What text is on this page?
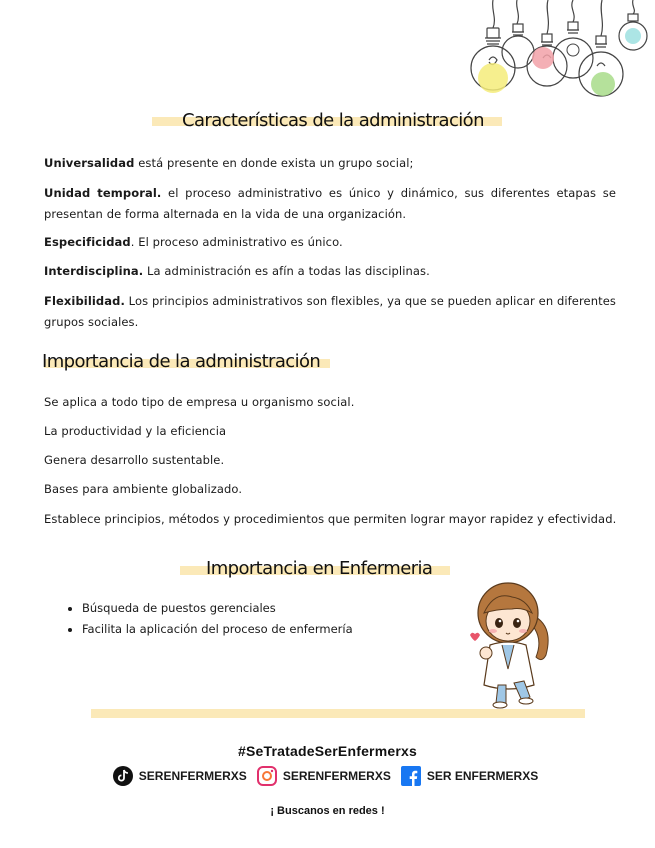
Características de la administración
Universalidad está presente en donde exista un grupo social;
Unidad temporal. el proceso administrativo es único y dinámico, sus diferentes etapas se presentan de forma alternada en la vida de una organización.
Especificidad. El proceso administrativo es único.
Interdisciplina. La administración es afín a todas las disciplinas.
Flexibilidad. Los principios administrativos son flexibles, ya que se pueden aplicar en diferentes grupos sociales.
Importancia de la administración
Se aplica a todo tipo de empresa u organismo social.
La productividad y la eficiencia
Genera desarrollo sustentable.
Bases para ambiente globalizado.
Establece principios, métodos y procedimientos que permiten lograr mayor rapidez y efectividad.
Importancia en Enfermeria
• Búsqueda de puestos gerenciales
• Facilita la aplicación del proceso de enfermería
#SeTratadeSerEnfermerxs
SERENFERMERXS	SERENFERMERXS	SER ENFERMERXS
¡ Buscanos en redes !
